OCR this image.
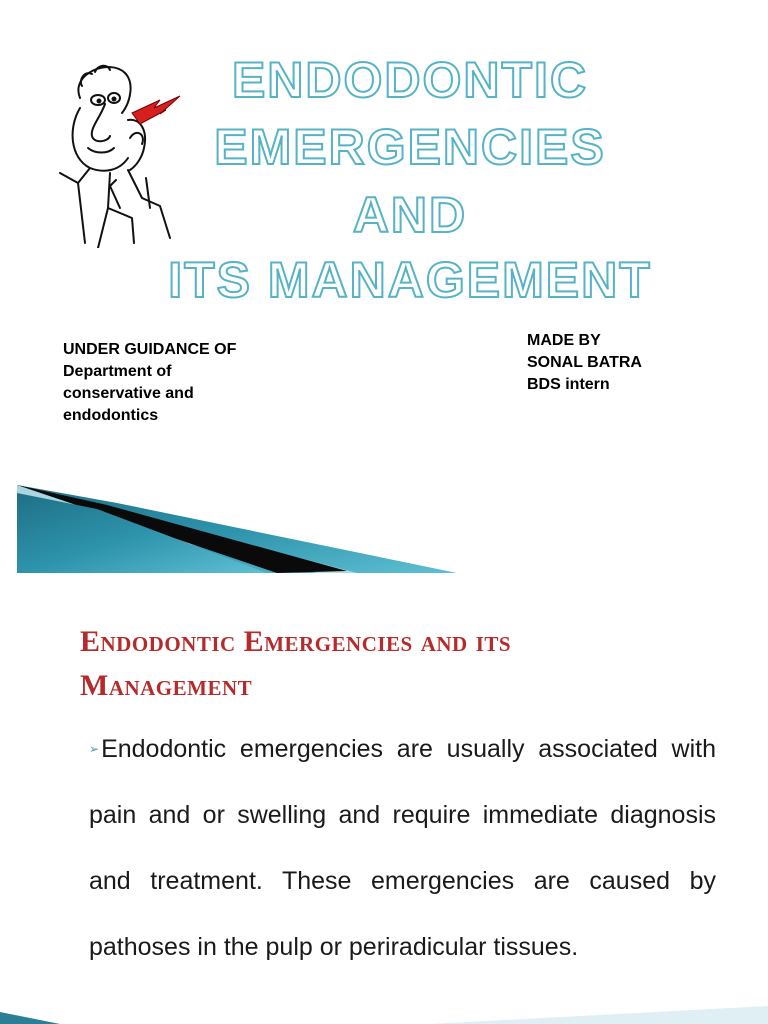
ENDODONTIC
EMERGENCIES
AND
ITS MANAGEMENT
UNDER GUIDANCE OF
Department of
conservative and
endodontics
MADE BY
SONAL BATRA
BDS intern
Endodontic Emergencies and its
Management
➢Endodontic emergencies are usually associated with pain and or swelling and require immediate diagnosis and treatment. These emergencies are caused by pathoses in the pulp or periradicular tissues.
